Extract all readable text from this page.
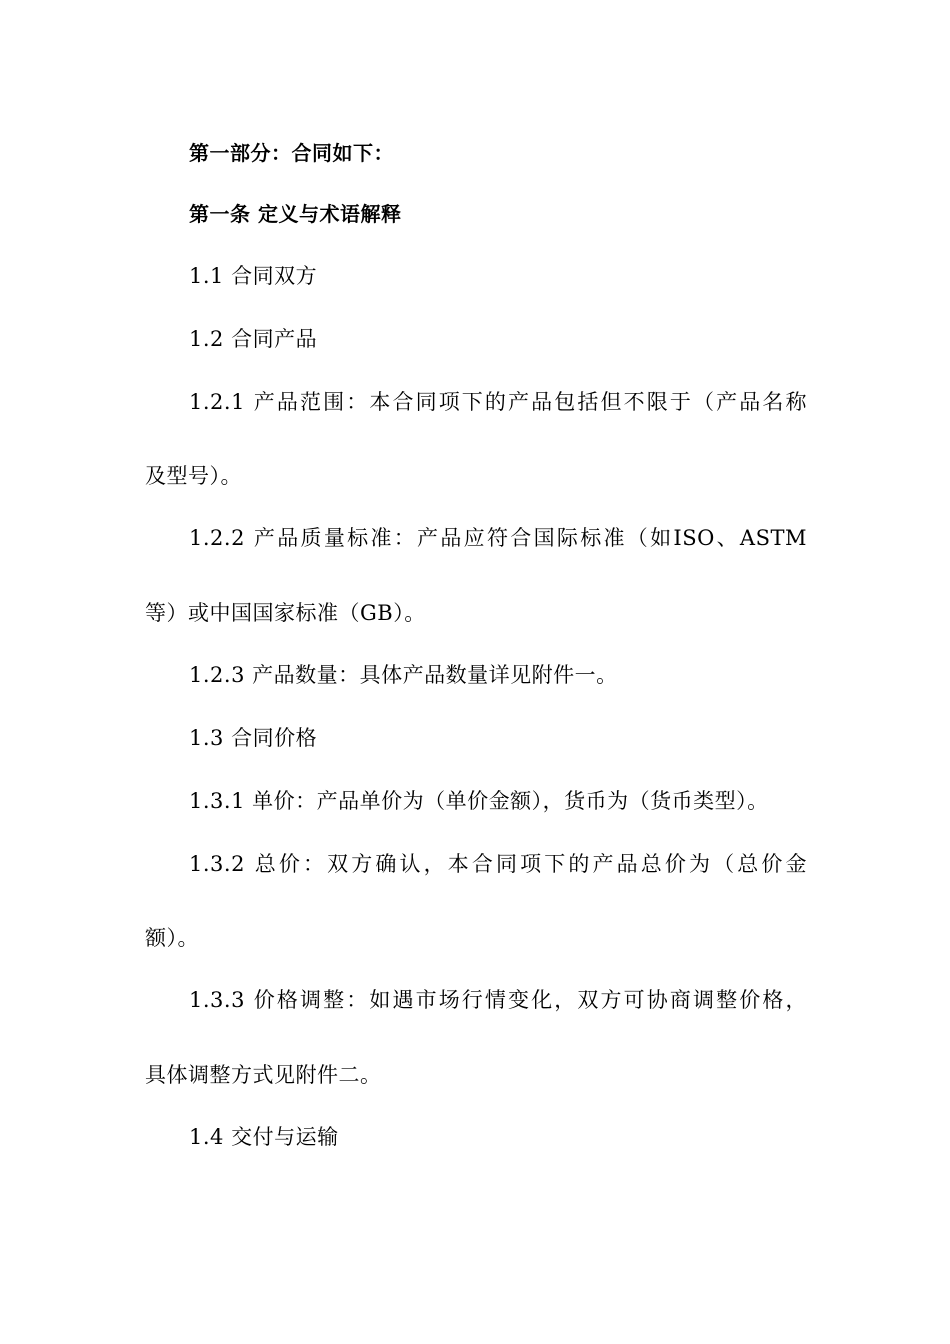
第一部分：合同如下：
第一条 定义与术语解释
1.1 合同双方
1.2 合同产品
1.2.1 产品范围：本合同项下的产品包括但不限于（产品名称
及型号）。
1.2.2 产品质量标准：产品应符合国际标准（如ISO、ASTM
等）或中国国家标准（GB）。
1.2.3 产品数量：具体产品数量详见附件一。
1.3 合同价格
1.3.1 单价：产品单价为（单价金额），货币为（货币类型）。
1.3.2 总价：双方确认，本合同项下的产品总价为（总价金
额）。
1.3.3 价格调整：如遇市场行情变化，双方可协商调整价格，
具体调整方式见附件二。
1.4 交付与运输
